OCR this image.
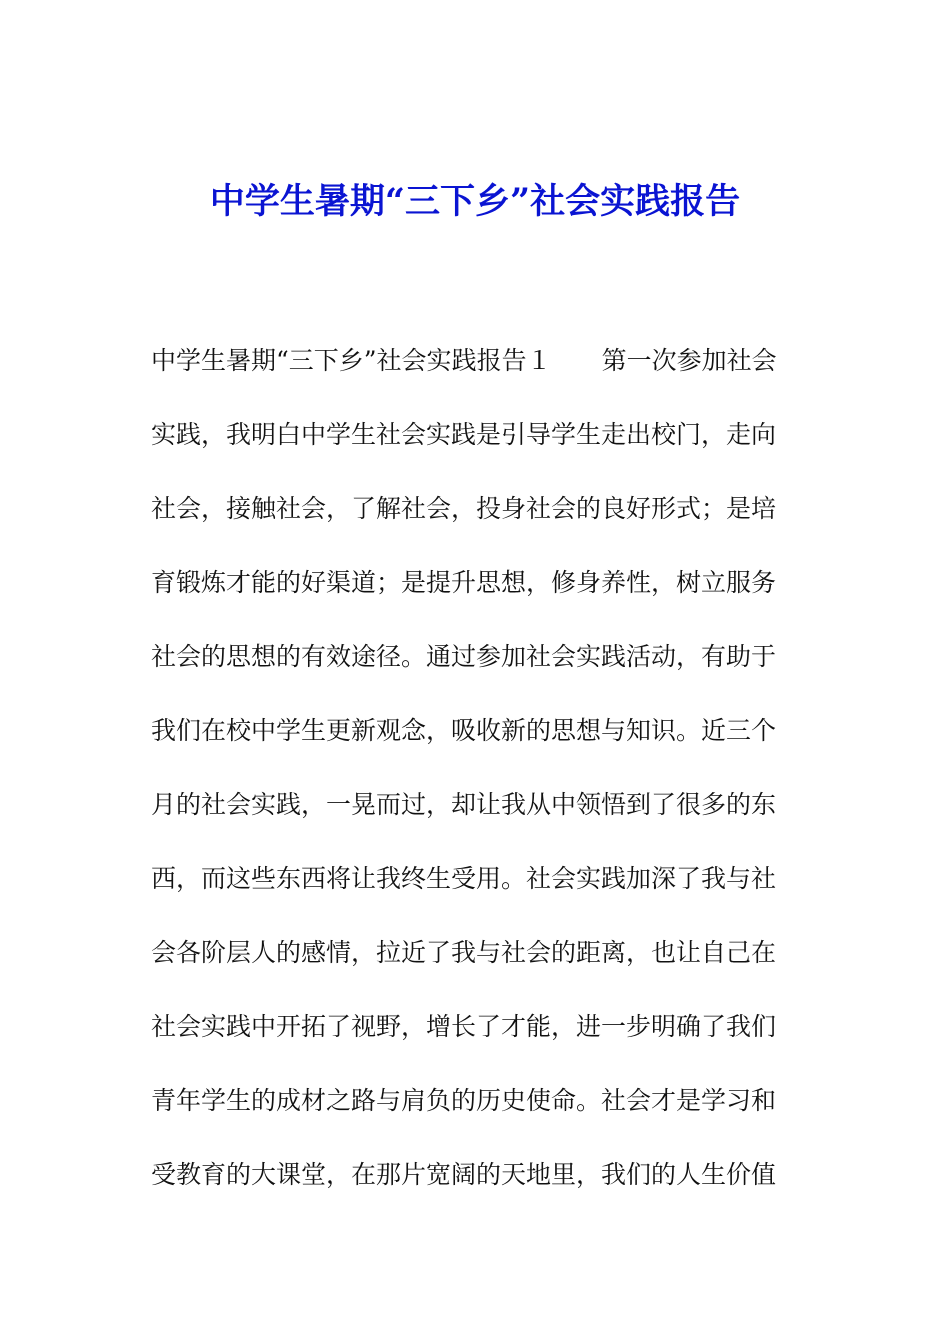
中学生暑期“三下乡”社会实践报告
中学生暑期“三下乡”社会实践报告１　　第一次参加社会
实践，我明白中学生社会实践是引导学生走出校门，走向
社会，接触社会，了解社会，投身社会的良好形式；是培
育锻炼才能的好渠道；是提升思想，修身养性，树立服务
社会的思想的有效途径。通过参加社会实践活动，有助于
我们在校中学生更新观念，吸收新的思想与知识。近三个
月的社会实践，一晃而过，却让我从中领悟到了很多的东
西，而这些东西将让我终生受用。社会实践加深了我与社
会各阶层人的感情，拉近了我与社会的距离，也让自己在
社会实践中开拓了视野，增长了才能，进一步明确了我们
青年学生的成材之路与肩负的历史使命。社会才是学习和
受教育的大课堂，在那片宽阔的天地里，我们的人生价值
